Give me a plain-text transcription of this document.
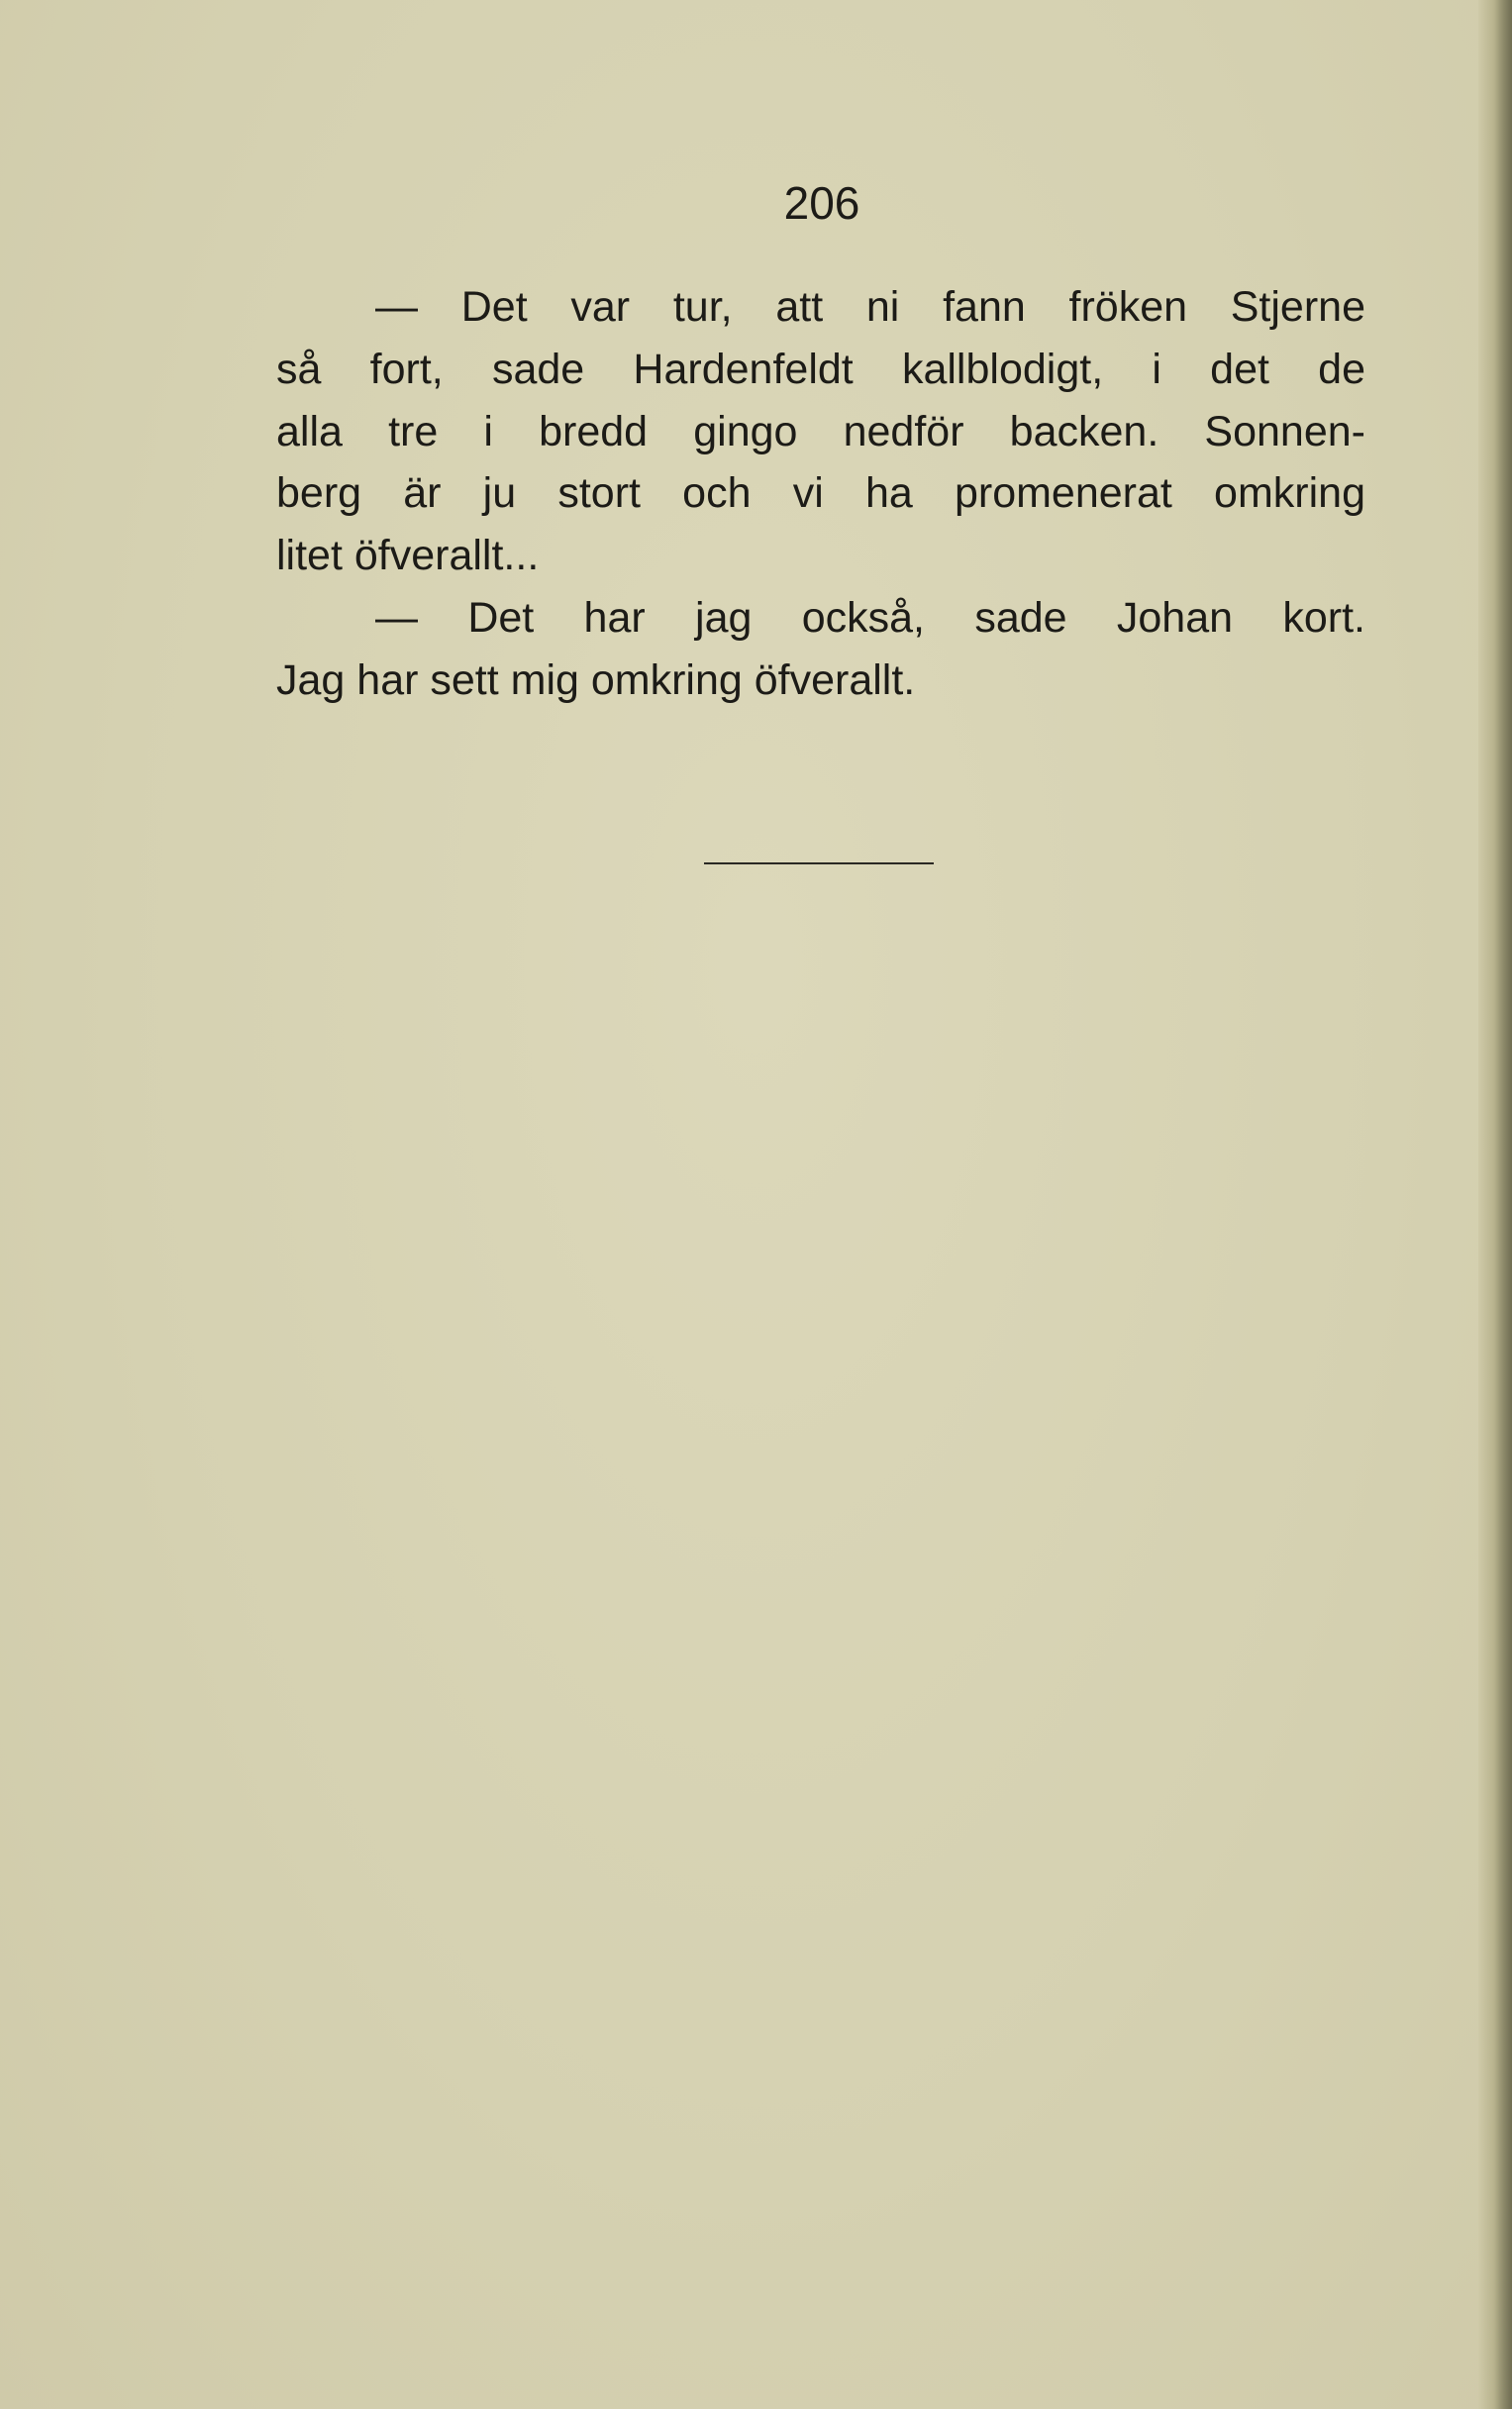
206
— Det var tur, att ni fann fröken Stjerne
så fort, sade Hardenfeldt kallblodigt, i det de
alla tre i bredd gingo nedför backen. Sonnen-
berg är ju stort och vi ha promenerat omkring
litet öfverallt...
— Det har jag också, sade Johan kort.
Jag har sett mig omkring öfverallt.
